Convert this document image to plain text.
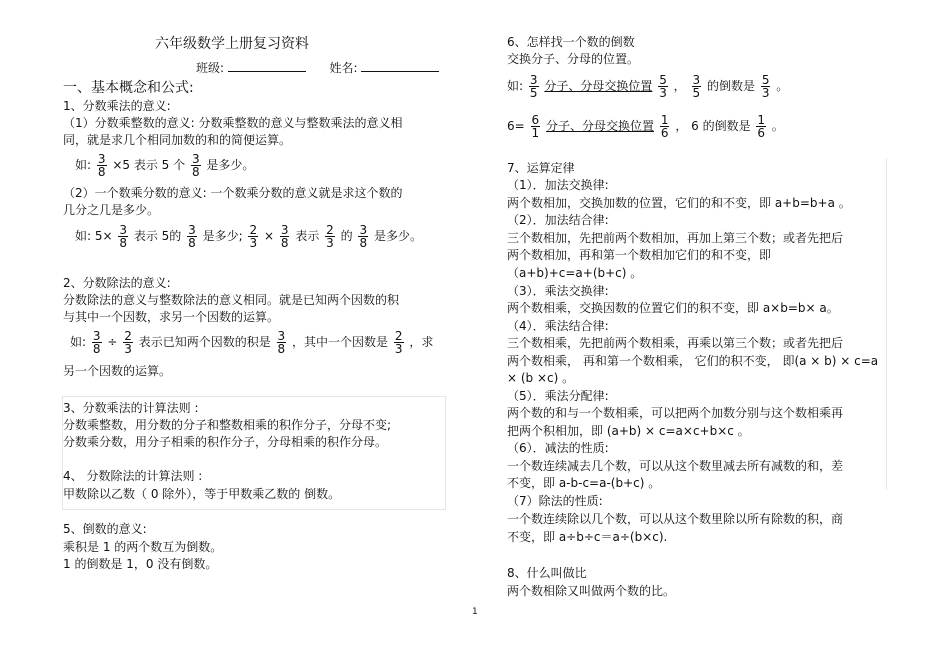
六年级数学上册复习资料
班级:	姓名:
一、基本概念和公式:
1、分数乘法的意义:
（1）分数乘整数的意义: 分数乘整数的意义与整数乘法的意义相
同，就是求几个相同加数的和的简便运算。
如: $\frac{3}{8} \times 5$ 表示 5 个 $\frac{3}{8}$ 是多少。
（2）一个数乘分数的意义: 一个数乘分数的意义就是求这个数的
几分之几是多少。
如: $5\times \frac{3}{8}$ 表示 5的 $\frac{3}{8}$ 是多少; $\frac{2}{3} \times \frac{3}{8}$ 表示 $\frac{2}{3}$ 的 $\frac{3}{8}$ 是多少。
2、分数除法的意义:
分数除法的意义与整数除法的意义相同。就是已知两个因数的积
与其中一个因数，求另一个因数的运算。
如: $\frac{3}{8} \div \frac{2}{3}$ 表示已知两个因数的积是 $\frac{3}{8}$ ，其中一个因数是 $\frac{2}{3}$ ，求
另一个因数的运算。
3、分数乘法的计算法则 :
分数乘整数，用分数的分子和整数相乘的积作分子，分母不变;
分数乘分数，用分子相乘的积作分子，分母相乘的积作分母。
4、 分数除法的计算法则 :
甲数除以乙数（ 0 除外），等于甲数乘乙数的 倒数。
5、倒数的意义:
乘积是 1 的两个数互为倒数。
1 的倒数是 1，0 没有倒数。
6、怎样找一个数的倒数
交换分子、分母的位置。
如: $\frac{3}{5}$ 分子、分母交换位置 $\frac{5}{3}$ ， $\frac{3}{5}$ 的倒数是 $\frac{5}{3}$ 。
$6= \frac{6}{1}$ 分子、分母交换位置 $\frac{1}{6}$ ， 6 的倒数是 $\frac{1}{6}$ 。
7、运算定律
（1）．加法交换律:
两个数相加，交换加数的位置，它们的和不变，即 a+b=b+a 。
（2）．加法结合律:
三个数相加，先把前两个数相加，再加上第三个数；或者先把后
两个数相加，再和第一个数相加它们的和不变，即
（a+b)+c=a+(b+c) 。
（3）．乘法交换律:
两个数相乘，交换因数的位置它们的积不变，即 a×b=b× a。
（4）．乘法结合律:
三个数相乘，先把前两个数相乘，再乘以第三个数；或者先把后
两个数相乘， 再和第一个数相乘， 它们的积不变， 即(a × b) × c=a
× (b ×c) 。
（5）．乘法分配律:
两个数的和与一个数相乘，可以把两个加数分别与这个数相乘再
把两个积相加，即 (a+b) × c=a×c+b×c 。
（6）．减法的性质:
一个数连续减去几个数，可以从这个数里减去所有减数的和，差
不变，即 a-b-c=a-(b+c) 。
（7）除法的性质:
一个数连续除以几个数，可以从这个数里除以所有除数的积，商
不变，即 a÷b÷c＝a÷(b×c).
8、什么叫做比
两个数相除又叫做两个数的比。
1
